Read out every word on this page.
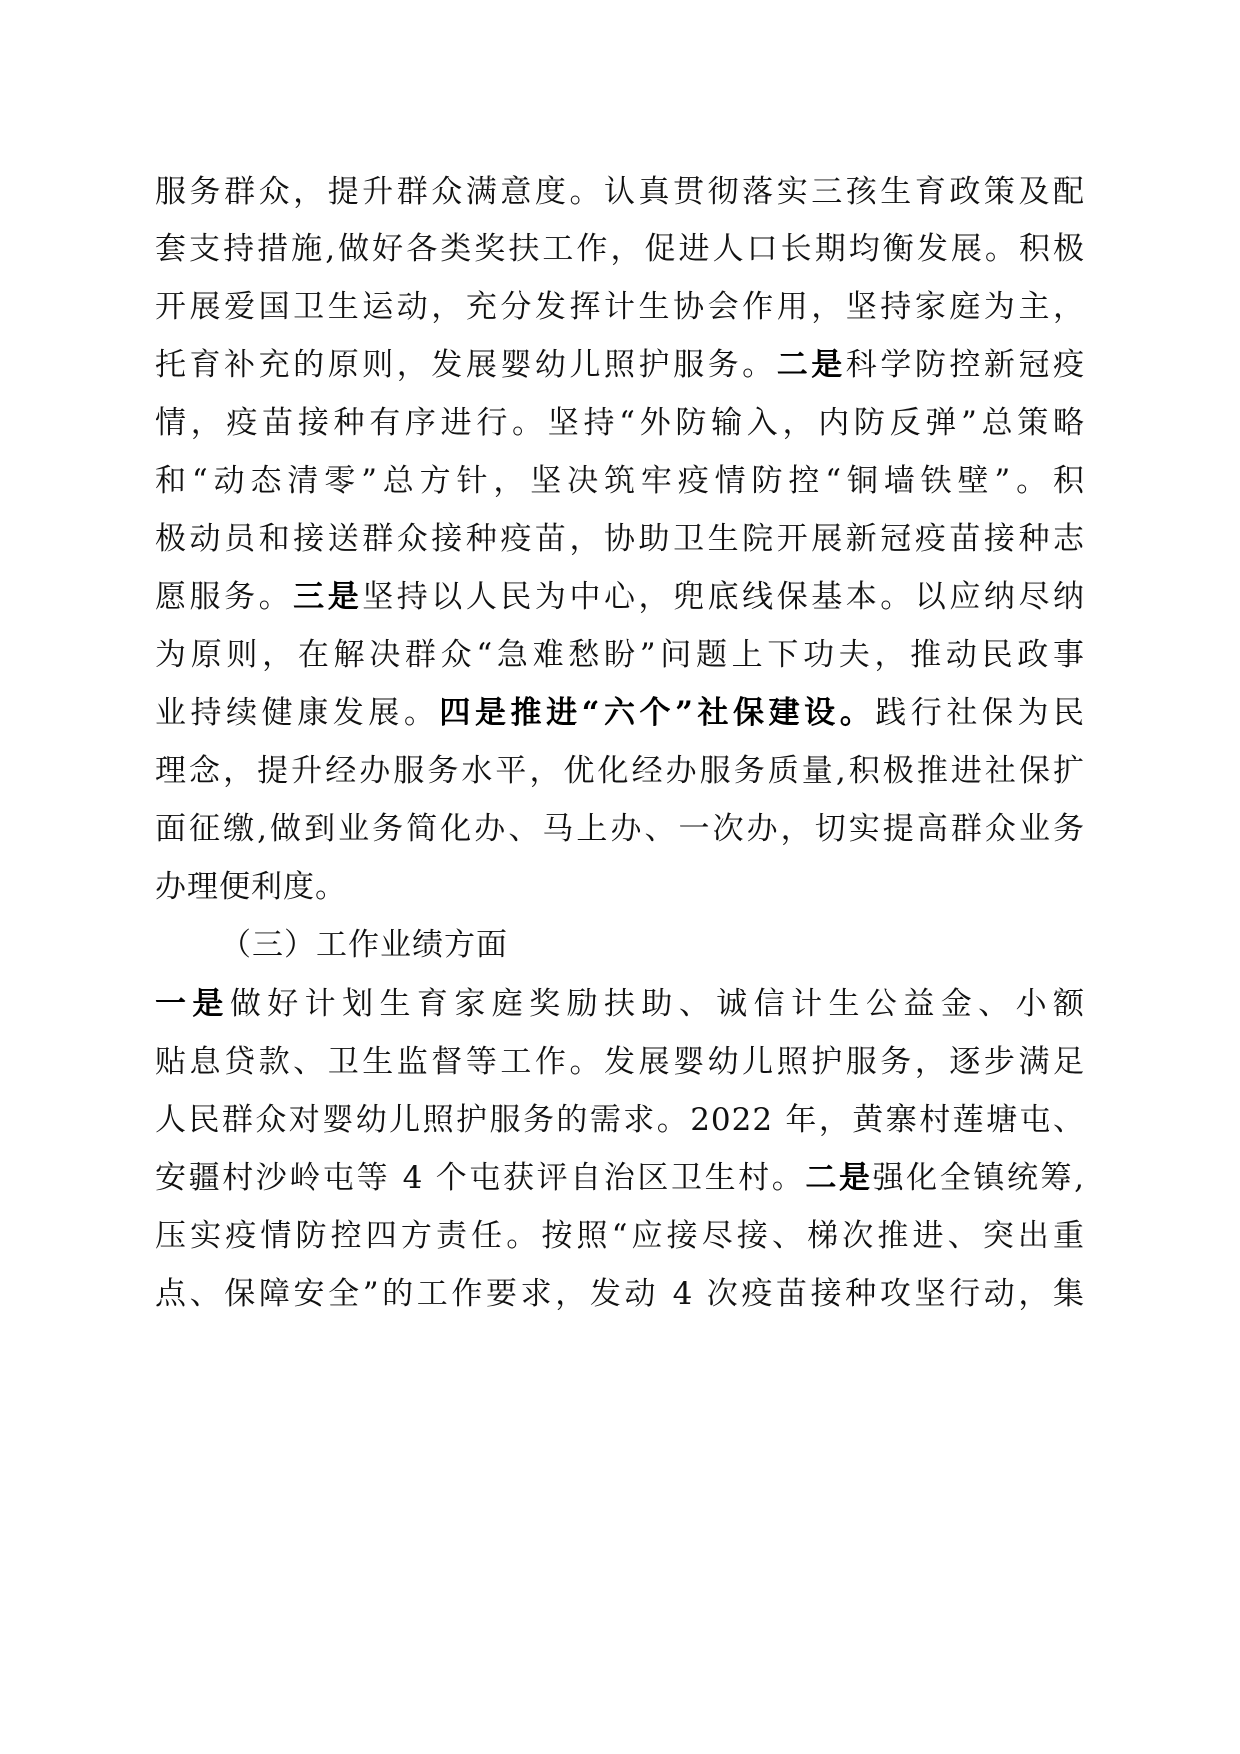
服务群众，提升群众满意度。认真贯彻落实三孩生育政策及配
套支持措施,做好各类奖扶工作，促进人口长期均衡发展。积极
开展爱国卫生运动，充分发挥计生协会作用，坚持家庭为主，
托育补充的原则，发展婴幼儿照护服务。二是科学防控新冠疫
情，疫苗接种有序进行。坚持“外防输入，内防反弹”总策略
和“动态清零”总方针，坚决筑牢疫情防控“铜墙铁壁”。积
极动员和接送群众接种疫苗，协助卫生院开展新冠疫苗接种志
愿服务。三是坚持以人民为中心，兜底线保基本。以应纳尽纳
为原则，在解决群众“急难愁盼”问题上下功夫，推动民政事
业持续健康发展。四是推进“六个”社保建设。践行社保为民
理念，提升经办服务水平，优化经办服务质量,积极推进社保扩
面征缴,做到业务简化办、马上办、一次办，切实提高群众业务
办理便利度。
（三）工作业绩方面
一是做好计划生育家庭奖励扶助、诚信计生公益金、小额
贴息贷款、卫生监督等工作。发展婴幼儿照护服务，逐步满足
人民群众对婴幼儿照护服务的需求。2022 年，黄寨村莲塘屯、
安疆村沙岭屯等 4 个屯获评自治区卫生村。二是强化全镇统筹,
压实疫情防控四方责任。按照“应接尽接、梯次推进、突出重
点、保障安全”的工作要求，发动 4 次疫苗接种攻坚行动，集
